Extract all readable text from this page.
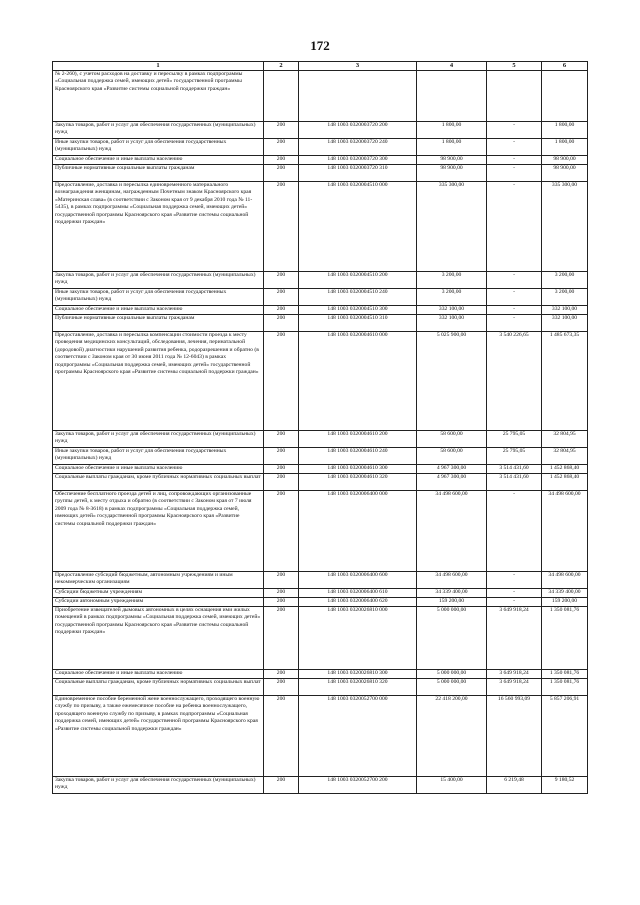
172
1	2	3	4	5	6
№ 2-260), с учетом расходов на доставку и пересылку в рамках подпрограммы «Социальная поддержка семей, имеющих детей» государственной программы Красноярского края «Развитие системы социальной поддержки граждан»					
Закупка товаров, работ и услуг для обеспечения государственных (муниципальных) нужд	200	148 1003 0320003720 200	1 800,00	-	1 800,00
Иные закупки товаров, работ и услуг для обеспечения государственных (муниципальных) нужд	200	148 1003 0320003720 240	1 800,00	-	1 800,00
Социальное обеспечение и иные выплаты населению	200	148 1003 0320003720 300	98 900,00	-	98 900,00
Публичные нормативные социальные выплаты гражданам	200	148 1003 0320003720 310	98 900,00	-	98 900,00
Предоставление, доставка и пересылка единовременного материального вознаграждения женщинам, награжденным Почетным знаком Красноярского края «Материнская слава» (в соответствии с Законом края от 9 декабря 2010 года № 11-5435), в рамках подпрограммы «Социальная поддержка семей, имеющих детей» государственной программы Красноярского края «Развитие системы социальной поддержки граждан»	200	148 1003 0320004510 000	335 300,00	-	335 300,00
Закупка товаров, работ и услуг для обеспечения государственных (муниципальных) нужд	200	148 1003 0320004510 200	3 200,00	-	3 200,00
Иные закупки товаров, работ и услуг для обеспечения государственных (муниципальных) нужд	200	148 1003 0320004510 240	3 200,00	-	3 200,00
Социальное обеспечение и иные выплаты населению	200	148 1003 0320004510 300	332 100,00	-	332 100,00
Публичные нормативные социальные выплаты гражданам	200	148 1003 0320004510 310	332 100,00	-	332 100,00
Предоставление, доставка и пересылка компенсации стоимости проезда к месту проведения медицинских консультаций, обследования, лечения, перинатальной (дородовой) диагностики нарушений развития ребенка, родоразрешения и обратно (в соответствии с Законом края от 30 июня 2011 года № 12-6043) в рамках подпрограммы «Социальная поддержка семей, имеющих детей» государственной программы Красноярского края «Развитие системы социальной поддержки граждан»	200	148 1003 0320004610 000	5 025 900,00	3 540 226,65	1 485 673,35
Закупка товаров, работ и услуг для обеспечения государственных (муниципальных) нужд	200	148 1003 0320004610 200	58 600,00	25 795,05	32 804,95
Иные закупки товаров, работ и услуг для обеспечения государственных (муниципальных) нужд	200	148 1003 0320004610 240	58 600,00	25 795,05	32 804,95
Социальное обеспечение и иные выплаты населению	200	148 1003 0320004610 300	4 967 300,00	3 514 431,60	1 452 868,40
Социальные выплаты гражданам, кроме публичных нормативных социальных выплат	200	148 1003 0320004610 320	4 967 300,00	3 514 431,60	1 452 868,40
Обеспечение бесплатного проезда детей и лиц, сопровождающих организованные группы детей, к месту отдыха и обратно (в соответствии с Законом края от 7 июля 2009 года № 8-3618) в рамках подпрограммы «Социальная поддержка семей, имеющих детей» государственной программы Красноярского края «Развитие системы социальной поддержки граждан»	200	148 1003 0320006400 000	34 498 600,00	-	34 498 600,00
Предоставление субсидий бюджетным, автономным учреждениям и иным некоммерческим организациям	200	148 1003 0320006400 600	34 498 600,00	-	34 498 600,00
Субсидии бюджетным учреждениям	200	148 1003 0320006400 610	34 339 400,00	-	34 339 400,00
Субсидии автономным учреждениям	200	148 1003 0320006400 620	159 200,00	-	159 200,00
Приобретение извещателей дымовых автономных в целях оснащения ими жилых помещений в рамках подпрограммы «Социальная поддержка семей, имеющих детей» государственной программы Красноярского края «Развитие системы социальной поддержки граждан»	200	148 1003 0320026810 000	5 000 000,00	3 649 918,24	1 350 081,76
Социальное обеспечение и иные выплаты населению	200	148 1003 0320026810 300	5 000 000,00	3 649 918,24	1 350 081,76
Социальные выплаты гражданам, кроме публичных нормативных социальных выплат	200	148 1003 0320026810 320	5 000 000,00	3 649 918,24	1 350 081,76
Единовременное пособие беременной жене военнослужащего, проходящего военную службу по призыву, а также ежемесячное пособие на ребенка военнослужащего, проходящего военную службу по призыву, в рамках подпрограммы «Социальная поддержка семей, имеющих детей» государственной программы Красноярского края «Развитие системы социальной поддержки граждан»	200	148 1003 0320052700 000	22 418 200,00	16 560 993,09	5 857 206,91
Закупка товаров, работ и услуг для обеспечения государственных (муниципальных) нужд	200	148 1003 0320052700 200	15 400,00	6 219,48	9 180,52
